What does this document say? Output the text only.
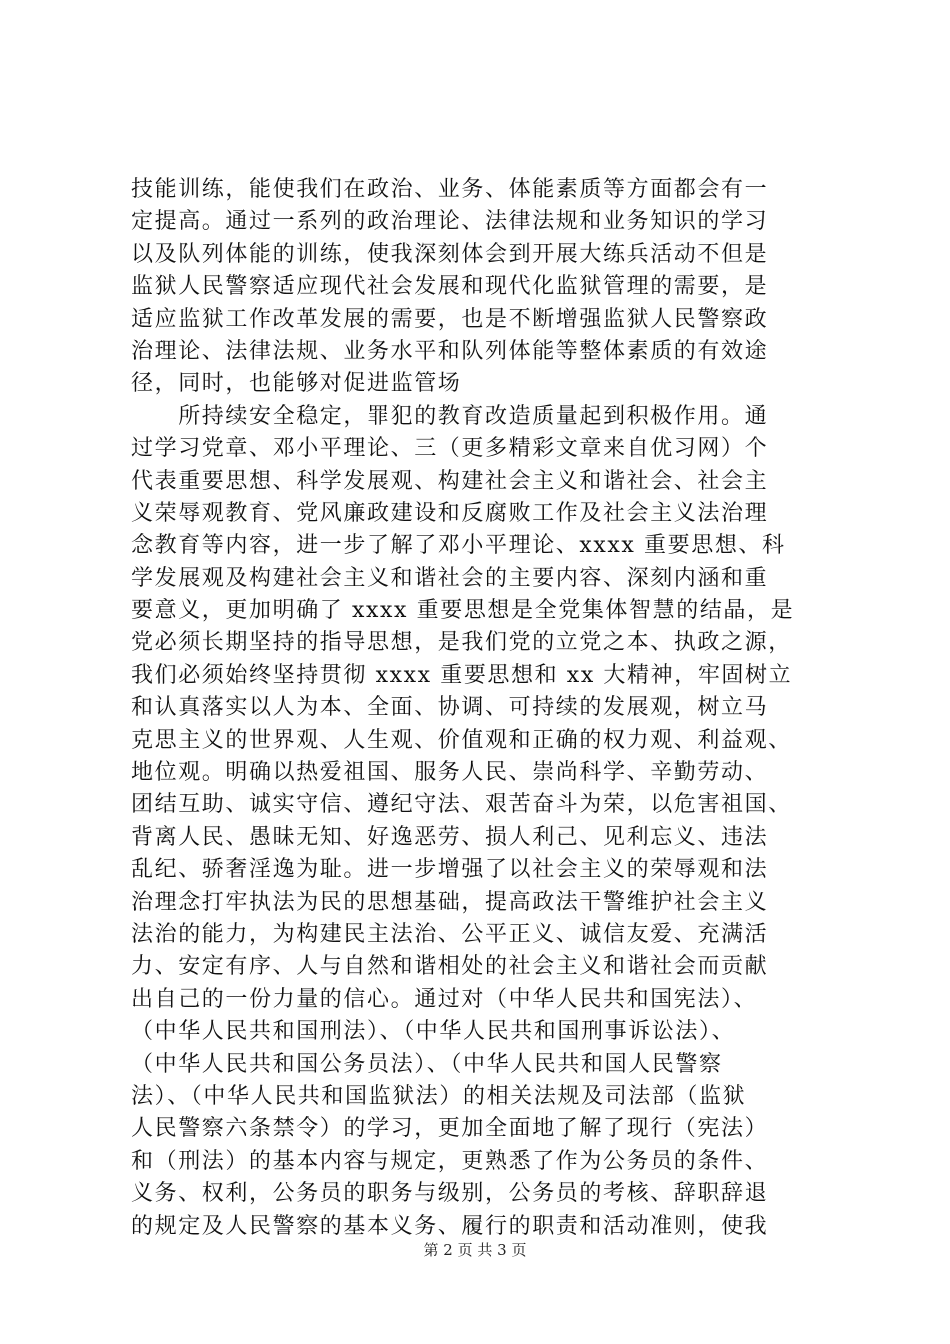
技能训练，能使我们在政治、业务、体能素质等方面都会有一
定提高。通过一系列的政治理论、法律法规和业务知识的学习
以及队列体能的训练，使我深刻体会到开展大练兵活动不但是
监狱人民警察适应现代社会发展和现代化监狱管理的需要，是
适应监狱工作改革发展的需要，也是不断增强监狱人民警察政
治理论、法律法规、业务水平和队列体能等整体素质的有效途
径，同时，也能够对促进监管场
　　所持续安全稳定，罪犯的教育改造质量起到积极作用。通
过学习党章、邓小平理论、三（更多精彩文章来自优习网）个
代表重要思想、科学发展观、构建社会主义和谐社会、社会主
义荣辱观教育、党风廉政建设和反腐败工作及社会主义法治理
念教育等内容，进一步了解了邓小平理论、xxxx 重要思想、科
学发展观及构建社会主义和谐社会的主要内容、深刻内涵和重
要意义，更加明确了 xxxx 重要思想是全党集体智慧的结晶，是
党必须长期坚持的指导思想，是我们党的立党之本、执政之源，
我们必须始终坚持贯彻 xxxx 重要思想和 xx 大精神，牢固树立
和认真落实以人为本、全面、协调、可持续的发展观，树立马
克思主义的世界观、人生观、价值观和正确的权力观、利益观、
地位观。明确以热爱祖国、服务人民、崇尚科学、辛勤劳动、
团结互助、诚实守信、遵纪守法、艰苦奋斗为荣，以危害祖国、
背离人民、愚昧无知、好逸恶劳、损人利己、见利忘义、违法
乱纪、骄奢淫逸为耻。进一步增强了以社会主义的荣辱观和法
治理念打牢执法为民的思想基础，提高政法干警维护社会主义
法治的能力，为构建民主法治、公平正义、诚信友爱、充满活
力、安定有序、人与自然和谐相处的社会主义和谐社会而贡献
出自己的一份力量的信心。通过对（中华人民共和国宪法）、
（中华人民共和国刑法）、（中华人民共和国刑事诉讼法）、
（中华人民共和国公务员法）、（中华人民共和国人民警察
法）、（中华人民共和国监狱法）的相关法规及司法部（监狱
人民警察六条禁令）的学习，更加全面地了解了现行（宪法）
和（刑法）的基本内容与规定，更熟悉了作为公务员的条件、
义务、权利，公务员的职务与级别，公务员的考核、辞职辞退
的规定及人民警察的基本义务、履行的职责和活动准则，使我
第 2 页 共 3 页
